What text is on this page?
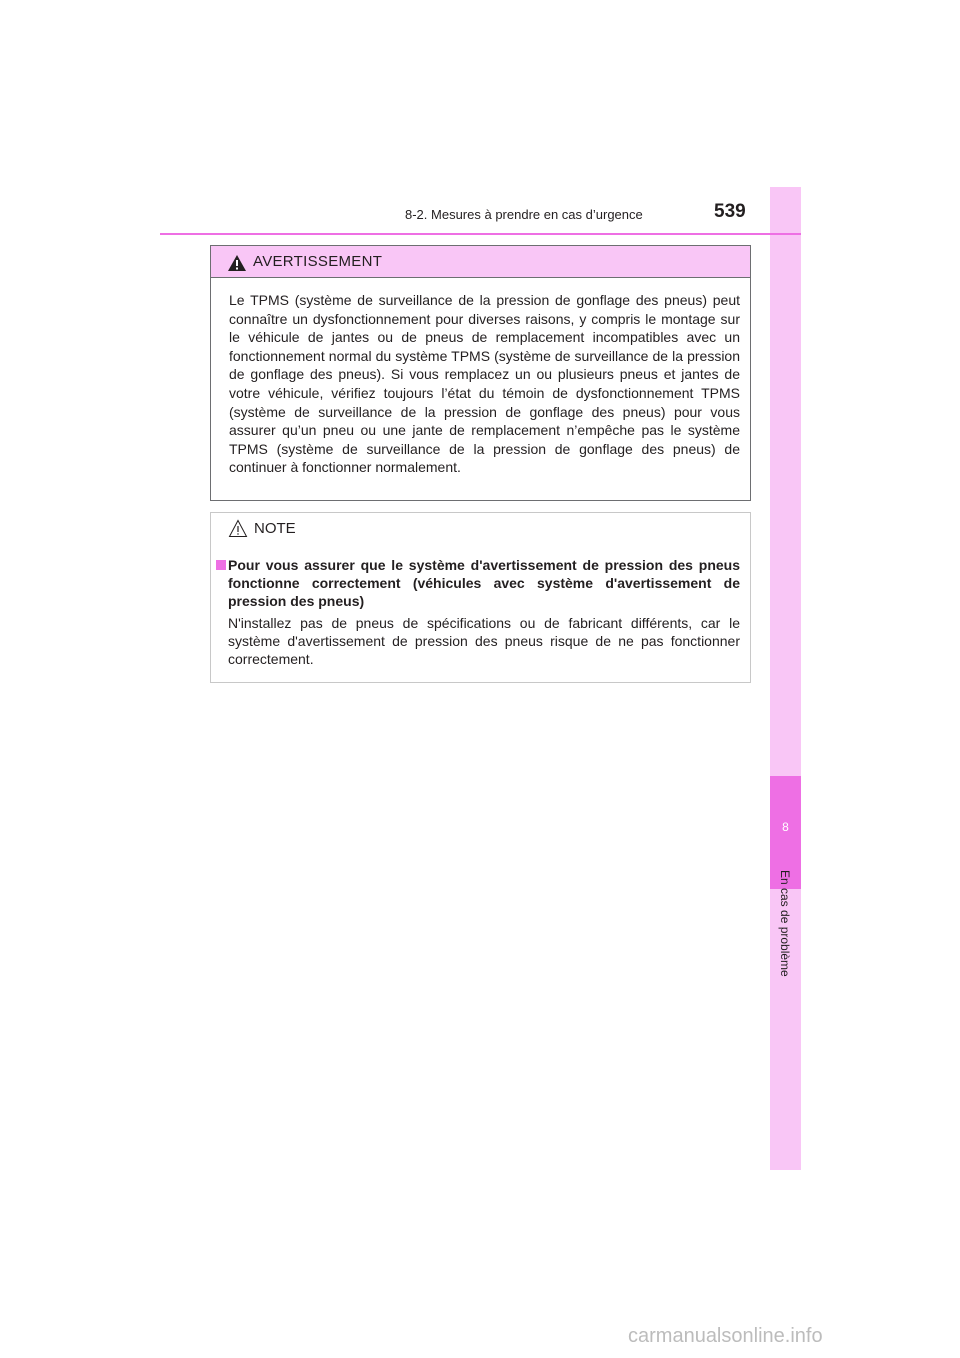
8
En cas de problème
8-2. Mesures à prendre en cas d’urgence	539
AVERTISSEMENT
Le TPMS (système de surveillance de la pression de gonflage des pneus) peut connaître un dysfonctionnement pour diverses raisons, y compris le montage sur le véhicule de jantes ou de pneus de remplacement incompatibles avec un fonctionnement normal du système TPMS (système de surveillance de la pression de gonflage des pneus). Si vous remplacez un ou plusieurs pneus et jantes de votre véhicule, vérifiez toujours l’état du témoin de dysfonctionnement TPMS (système de surveillance de la pression de gonflage des pneus) pour vous assurer qu’un pneu ou une jante de remplacement n’empêche pas le système TPMS (système de surveillance de la pression de gonflage des pneus) de continuer à fonctionner normalement.
NOTE
Pour vous assurer que le système d'avertissement de pression des pneus fonctionne correctement (véhicules avec système d'avertissement de pression des pneus)
N'installez pas de pneus de spécifications ou de fabricant différents, car le système d'avertissement de pression des pneus risque de ne pas fonctionner correctement.
carmanualsonline.info
